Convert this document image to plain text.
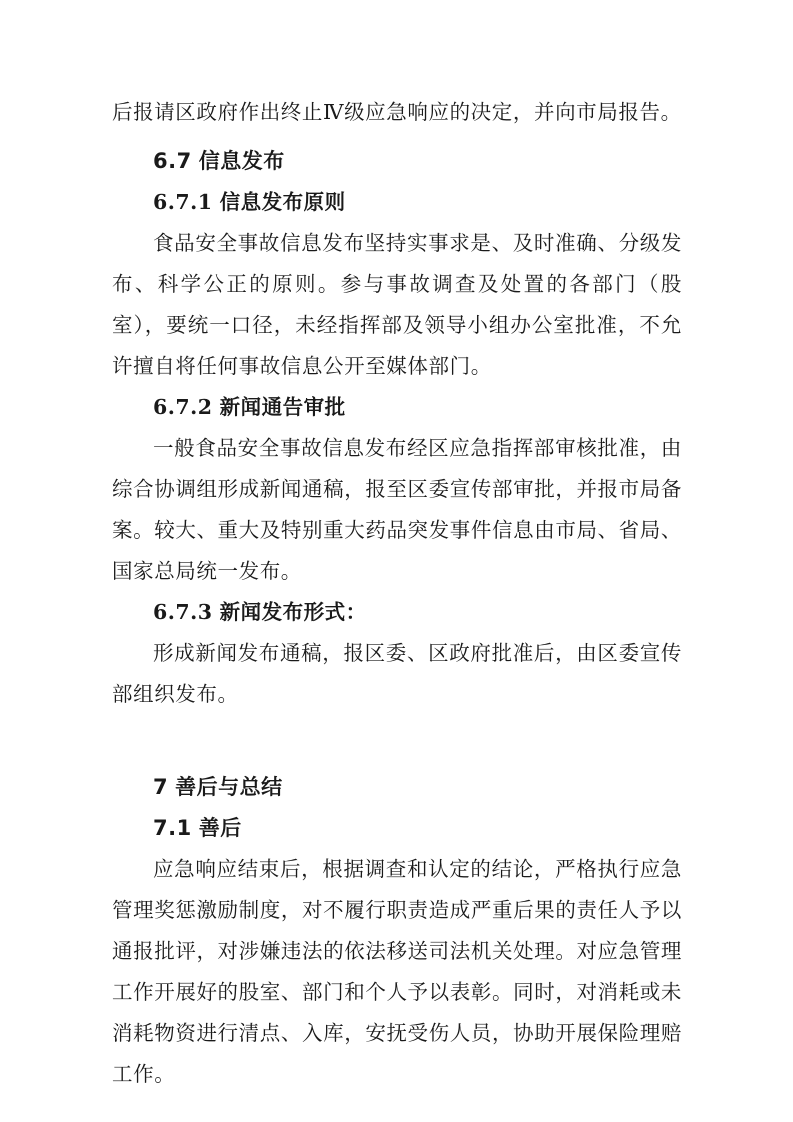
后报请区政府作出终止Ⅳ级应急响应的决定，并向市局报告。

6.7 信息发布
6.7.1 信息发布原则

食品安全事故信息发布坚持实事求是、及时准确、分级发布、科学公正的原则。参与事故调查及处置的各部门（股室），要统一口径，未经指挥部及领导小组办公室批准，不允许擅自将任何事故信息公开至媒体部门。

6.7.2 新闻通告审批

一般食品安全事故信息发布经区应急指挥部审核批准，由综合协调组形成新闻通稿，报至区委宣传部审批，并报市局备案。较大、重大及特别重大药品突发事件信息由市局、省局、国家总局统一发布。

6.7.3 新闻发布形式：

形成新闻发布通稿，报区委、区政府批准后，由区委宣传部组织发布。

7 善后与总结
7.1 善后

应急响应结束后，根据调查和认定的结论，严格执行应急管理奖惩激励制度，对不履行职责造成严重后果的责任人予以通报批评，对涉嫌违法的依法移送司法机关处理。对应急管理工作开展好的股室、部门和个人予以表彰。同时，对消耗或未消耗物资进行清点、入库，安抚受伤人员，协助开展保险理赔工作。
